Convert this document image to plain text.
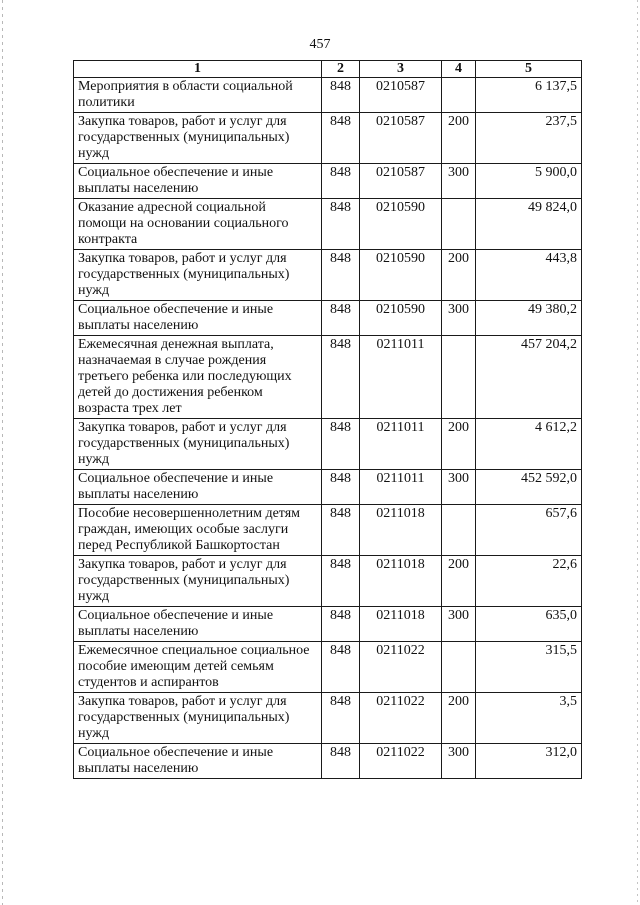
457
1	2	3	4	5
Мероприятия в области социальной политики	848	0210587		6 137,5
Закупка товаров, работ и услуг для государственных (муниципальных) нужд	848	0210587	200	237,5
Социальное обеспечение и иные выплаты населению	848	0210587	300	5 900,0
Оказание адресной социальной помощи на основании социального контракта	848	0210590		49 824,0
Закупка товаров, работ и услуг для государственных (муниципальных) нужд	848	0210590	200	443,8
Социальное обеспечение и иные выплаты населению	848	0210590	300	49 380,2
Ежемесячная денежная выплата, назначаемая в случае рождения третьего ребенка или последующих детей до достижения ребенком возраста трех лет	848	0211011		457 204,2
Закупка товаров, работ и услуг для государственных (муниципальных) нужд	848	0211011	200	4 612,2
Социальное обеспечение и иные выплаты населению	848	0211011	300	452 592,0
Пособие несовершеннолетним детям граждан, имеющих особые заслуги перед Республикой Башкортостан	848	0211018		657,6
Закупка товаров, работ и услуг для государственных (муниципальных) нужд	848	0211018	200	22,6
Социальное обеспечение и иные выплаты населению	848	0211018	300	635,0
Ежемесячное специальное социальное пособие имеющим детей семьям студентов и аспирантов	848	0211022		315,5
Закупка товаров, работ и услуг для государственных (муниципальных) нужд	848	0211022	200	3,5
Социальное обеспечение и иные выплаты населению	848	0211022	300	312,0
